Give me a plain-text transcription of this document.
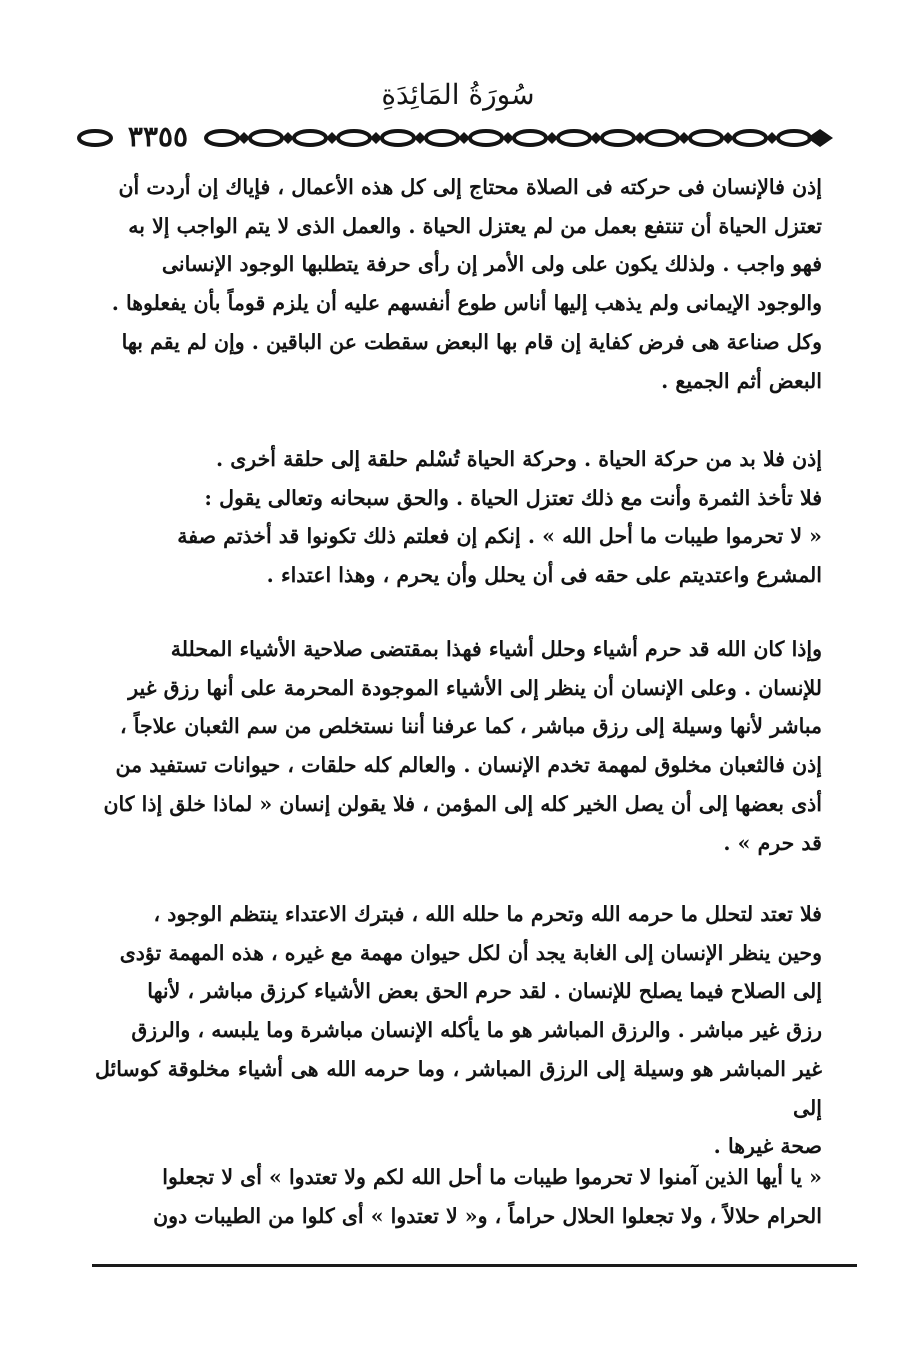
سُورَةُ المَائِدَةِ
٣٣٥٥
إذن فالإنسان فى حركته فى الصلاة محتاج إلى كل هذه الأعمال ، فإياك إن أردت أن
تعتزل الحياة أن تنتفع بعمل من لم يعتزل الحياة . والعمل الذى لا يتم الواجب إلا به
فهو واجب . ولذلك يكون على ولى الأمر إن رأى حرفة يتطلبها الوجود الإنسانى
والوجود الإيمانى ولم يذهب إليها أناس طوع أنفسهم عليه أن يلزم قوماً بأن يفعلوها .
وكل صناعة هى فرض كفاية إن قام بها البعض سقطت عن الباقين . وإن لم يقم بها
البعض أثم الجميع .
إذن فلا بد من حركة الحياة . وحركة الحياة تُسْلم حلقة إلى حلقة أخرى .
فلا تأخذ الثمرة وأنت مع ذلك تعتزل الحياة . والحق سبحانه وتعالى يقول :
« لا تحرموا طيبات ما أحل الله » . إنكم إن فعلتم ذلك تكونوا قد أخذتم صفة
المشرع واعتديتم على حقه فى أن يحلل وأن يحرم ، وهذا اعتداء .
وإذا كان الله قد حرم أشياء وحلل أشياء فهذا بمقتضى صلاحية الأشياء المحللة
للإنسان . وعلى الإنسان أن ينظر إلى الأشياء الموجودة المحرمة على أنها رزق غير
مباشر لأنها وسيلة إلى رزق مباشر ، كما عرفنا أننا نستخلص من سم الثعبان علاجاً ،
إذن فالثعبان مخلوق لمهمة تخدم الإنسان . والعالم كله حلقات ، حيوانات تستفيد من
أذى بعضها إلى أن يصل الخير كله إلى المؤمن ، فلا يقولن إنسان « لماذا خلق إذا كان
قد حرم » .
فلا تعتد لتحلل ما حرمه الله وتحرم ما حلله الله ، فبترك الاعتداء ينتظم الوجود ،
وحين ينظر الإنسان إلى الغابة يجد أن لكل حيوان مهمة مع غيره ، هذه المهمة تؤدى
إلى الصلاح فيما يصلح للإنسان . لقد حرم الحق بعض الأشياء كرزق مباشر ، لأنها
رزق غير مباشر . والرزق المباشر هو ما يأكله الإنسان مباشرة وما يلبسه ، والرزق
غير المباشر هو وسيلة إلى الرزق المباشر ، وما حرمه الله هى أشياء مخلوقة كوسائل إلى
صحة غيرها .
« يا أيها الذين آمنوا لا تحرموا طيبات ما أحل الله لكم ولا تعتدوا » أى لا تجعلوا
الحرام حلالاً ، ولا تجعلوا الحلال حراماً ، و« لا تعتدوا » أى كلوا من الطيبات دون
